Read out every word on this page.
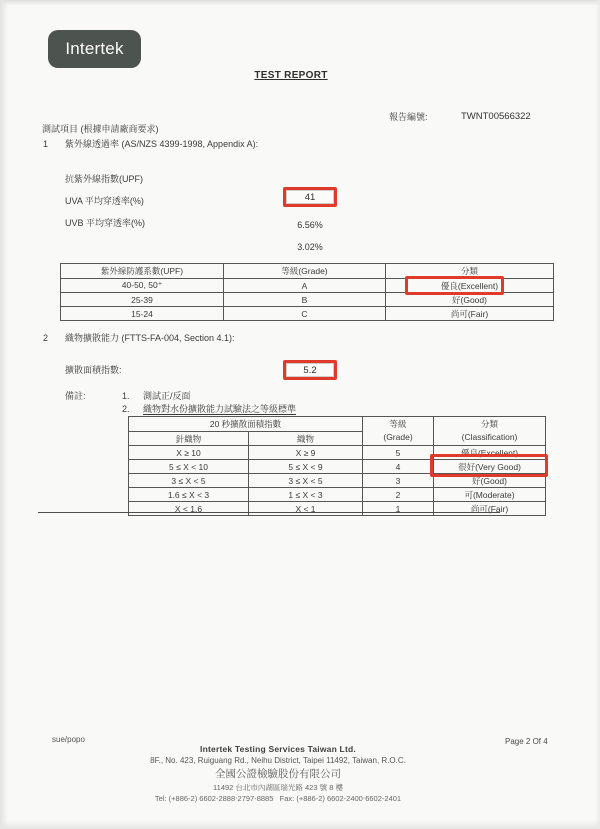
Intertek
TEST REPORT
報告編號:	TWNT00566322
測試項目 (根據申請廠商要求)
1 紫外線透過率 (AS/NZS 4399-1998, Appendix A):
抗紫外線指數(UPF)
41
UVA 平均穿透率(%)
6.56%
UVB 平均穿透率(%)
3.02%
紫外線防護系數(UPF)	等級(Grade)	分類
40-50, 50⁺	A	優良(Excellent)
25-39	B	好(Good)
15-24	C	尚可(Fair)
2 織物擴散能力 (FTTS-FA-004, Section 4.1):
擴散面積指數:	5.2
備註:	1. 測試正/反面
2. 織物對水份擴散能力試驗法之等級標準
20 秒擴散面積指數	等級
(Grade)

分類
(Classification)

針織物	織物		
X ≥ 10	X ≥ 9	5	優良(Excellent)
5 ≤ X < 10	5 ≤ X < 9	4	很好(Very Good)
3 ≤ X < 5	3 ≤ X < 5	3	好(Good)
1.6 ≤ X < 3	1 ≤ X < 3	2	可(Moderate)
X < 1.6	X < 1	1	尚可(Fair)
sue/popo	Page 2 Of 4
Intertek Testing Services Taiwan Ltd.
8F., No. 423, Ruiguang Rd., Neihu District, Taipei 11492, Taiwan, R.O.C.
全國公證檢驗股份有限公司
11492 台北市內湖區瑞光路 423 號 8 樓
Tel: (+886-2) 6602-2888‧2797-8885   Fax: (+886-2) 6602-2400‧6602-2401
